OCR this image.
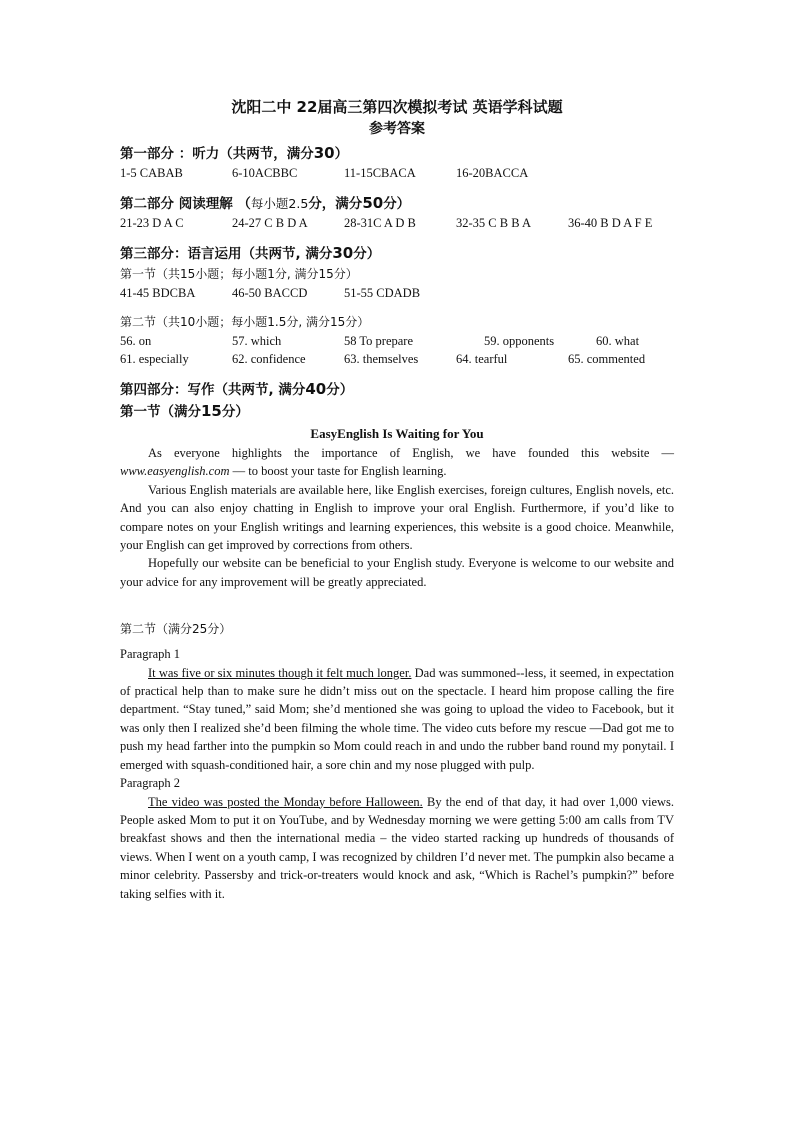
沈阳二中 22届高三第四次模拟考试 英语学科试题
参考答案
第一部分 ：听力（共两节，满分30）
1-5 CABAB	6-10ACBBC	11-15CBACA	16-20BACCA
第二部分 阅读理解 （每小题2.5分，满分50分）
21-23 D A C	24-27 C B D A	28-31C A D B	32-35 C B B A	36-40 B D A F E
第三部分：语言运用（共两节, 满分30分）
第一节（共15小题；每小题1分, 满分15分）
41-45 BDCBA	46-50 BACCD	51-55 CDADB
第二节（共10小题；每小题1.5分, 满分15分）
56. on	57. which	58 To prepare	59. opponents	60. what
61. especially	62. confidence	63. themselves	64. tearful	65. commented
第四部分：写作（共两节, 满分40分）
第一节（满分15分）
EasyEnglish Is Waiting for You

As everyone highlights the importance of English, we have founded this website — www.easyenglish.com — to boost your taste for English learning.

Various English materials are available here, like English exercises, foreign cultures, English novels, etc. And you can also enjoy chatting in English to improve your oral English. Furthermore, if you’d like to compare notes on your English writings and learning experiences, this website is a good choice. Meanwhile, your English can get improved by corrections from others.

Hopefully our website can be beneficial to your English study. Everyone is welcome to our website and your advice for any improvement will be greatly appreciated.

第二节（满分25分）

Paragraph 1

It was five or six minutes though it felt much longer. Dad was summoned--less, it seemed, in expectation of practical help than to make sure he didn’t miss out on the spectacle. I heard him propose calling the fire department. “Stay tuned,” said Mom; she’d mentioned she was going to upload the video to Facebook, but it was only then I realized she’d been filming the whole time. The video cuts before my rescue —Dad got me to push my head farther into the pumpkin so Mom could reach in and undo the rubber band round my ponytail. I emerged with squash-conditioned hair, a sore chin and my nose plugged with pulp.

Paragraph 2

The video was posted the Monday before Halloween. By the end of that day, it had over 1,000 views. People asked Mom to put it on YouTube, and by Wednesday morning we were getting 5:00 am calls from TV breakfast shows and then the international media – the video started racking up hundreds of thousands of views. When I went on a youth camp, I was recognized by children I’d never met. The pumpkin also became a minor celebrity. Passersby and trick-or-treaters would knock and ask, “Which is Rachel’s pumpkin?” before taking selfies with it.
